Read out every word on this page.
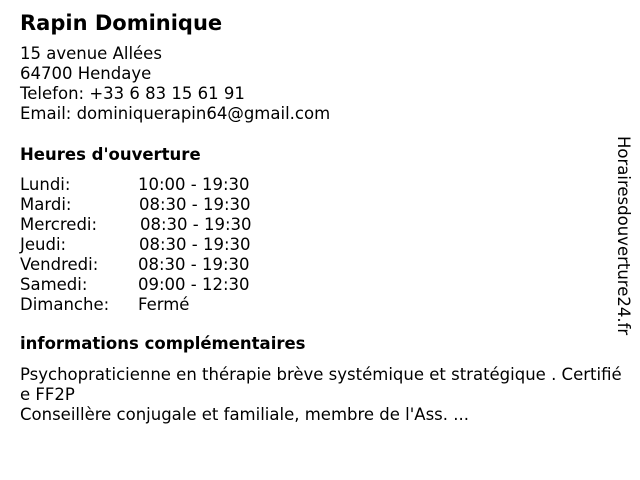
Rapin Dominique
15 avenue Allées
64700 Hendaye
Telefon: +33 6 83 15 61 91
Email: dominiquerapin64@gmail.com
Heures d'ouverture
Lundi:	10:00 - 19:30
Mardi:	08:30 - 19:30
Mercredi:	08:30 - 19:30
Jeudi:	08:30 - 19:30
Vendredi: 08:30 - 19:30
Samedi:	09:00 - 12:30
Dimanche: Fermé
informations complémentaires
Psychopraticienne en thérapie brève systémique et stratégique . Certifiée FF2P
Conseillère conjugale et familiale, membre de l'Ass. ...
Horairesdouverture24.fr
